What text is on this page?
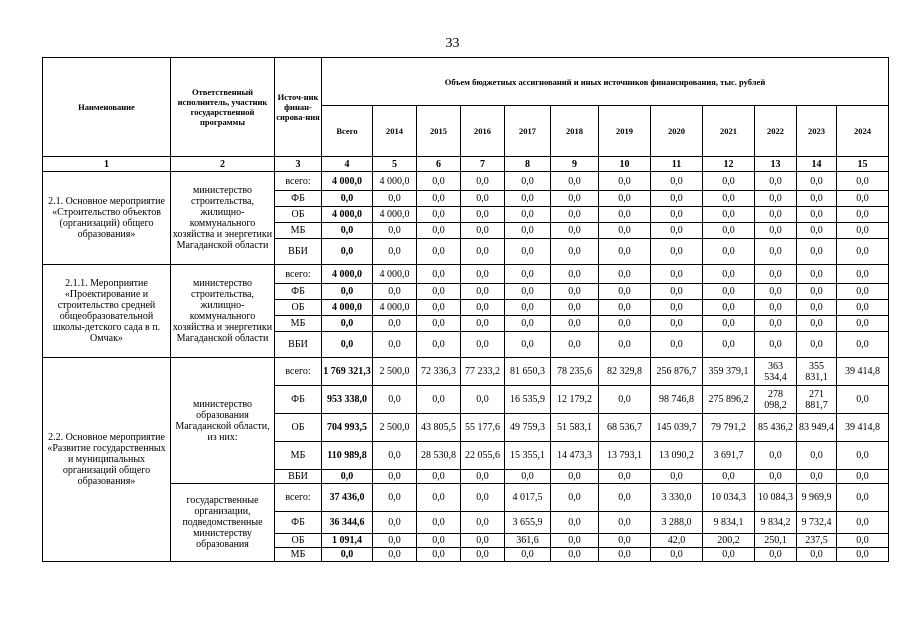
33
Наименование	Ответственный исполнитель, участник государственной программы	Источ-ник финан-сирова-ния	Объем бюджетных ассигнований и иных источников финансирования, тыс. рублей											
			Всего	2014	2015	2016	2017	2018	2019	2020	2021	2022	2023	2024
1	2	3	4	5	6	7	8	9	10	11	12	13	14	15
2.1. Основное мероприятие «Строительство объектов (организаций) общего образования»	министерство строительства, жилищно-коммунального хозяйства и энергетики Магаданской области	всего:	4 000,0	4 000,0	0,0	0,0	0,0	0,0	0,0	0,0	0,0	0,0	0,0	0,0
		ФБ	0,0	0,0	0,0	0,0	0,0	0,0	0,0	0,0	0,0	0,0	0,0	0,0
		ОБ	4 000,0	4 000,0	0,0	0,0	0,0	0,0	0,0	0,0	0,0	0,0	0,0	0,0
		МБ	0,0	0,0	0,0	0,0	0,0	0,0	0,0	0,0	0,0	0,0	0,0	0,0
		ВБИ	0,0	0,0	0,0	0,0	0,0	0,0	0,0	0,0	0,0	0,0	0,0	0,0
2.1.1. Мероприятие «Проектирование и строительство средней общеобразовательной школы-детского сада в п. Омчак»	министерство строительства, жилищно-коммунального хозяйства и энергетики Магаданской области	всего:	4 000,0	4 000,0	0,0	0,0	0,0	0,0	0,0	0,0	0,0	0,0	0,0	0,0
		ФБ	0,0	0,0	0,0	0,0	0,0	0,0	0,0	0,0	0,0	0,0	0,0	0,0
		ОБ	4 000,0	4 000,0	0,0	0,0	0,0	0,0	0,0	0,0	0,0	0,0	0,0	0,0
		МБ	0,0	0,0	0,0	0,0	0,0	0,0	0,0	0,0	0,0	0,0	0,0	0,0
		ВБИ	0,0	0,0	0,0	0,0	0,0	0,0	0,0	0,0	0,0	0,0	0,0	0,0
2.2. Основное мероприятие «Развитие государственных и муниципальных организаций общего образования»	министерство образования Магаданской области, из них:	всего:	1 769 321,3	2 500,0	72 336,3	77 233,2	81 650,3	78 235,6	82 329,8	256 876,7	359 379,1	363 534,4	355 831,1	39 414,8
		ФБ	953 338,0	0,0	0,0	0,0	16 535,9	12 179,2	0,0	98 746,8	275 896,2	278 098,2	271 881,7	0,0
		ОБ	704 993,5	2 500,0	43 805,5	55 177,6	49 759,3	51 583,1	68 536,7	145 039,7	79 791,2	85 436,2	83 949,4	39 414,8
		МБ	110 989,8	0,0	28 530,8	22 055,6	15 355,1	14 473,3	13 793,1	13 090,2	3 691,7	0,0	0,0	0,0
		ВБИ	0,0	0,0	0,0	0,0	0,0	0,0	0,0	0,0	0,0	0,0	0,0	0,0
	государственные организации, подведомственные министерству образования	всего:	37 436,0	0,0	0,0	0,0	4 017,5	0,0	0,0	3 330,0	10 034,3	10 084,3	9 969,9	0,0
		ФБ	36 344,6	0,0	0,0	0,0	3 655,9	0,0	0,0	3 288,0	9 834,1	9 834,2	9 732,4	0,0
		ОБ	1 091,4	0,0	0,0	0,0	361,6	0,0	0,0	42,0	200,2	250,1	237,5	0,0
		МБ	0,0	0,0	0,0	0,0	0,0	0,0	0,0	0,0	0,0	0,0	0,0	0,0
